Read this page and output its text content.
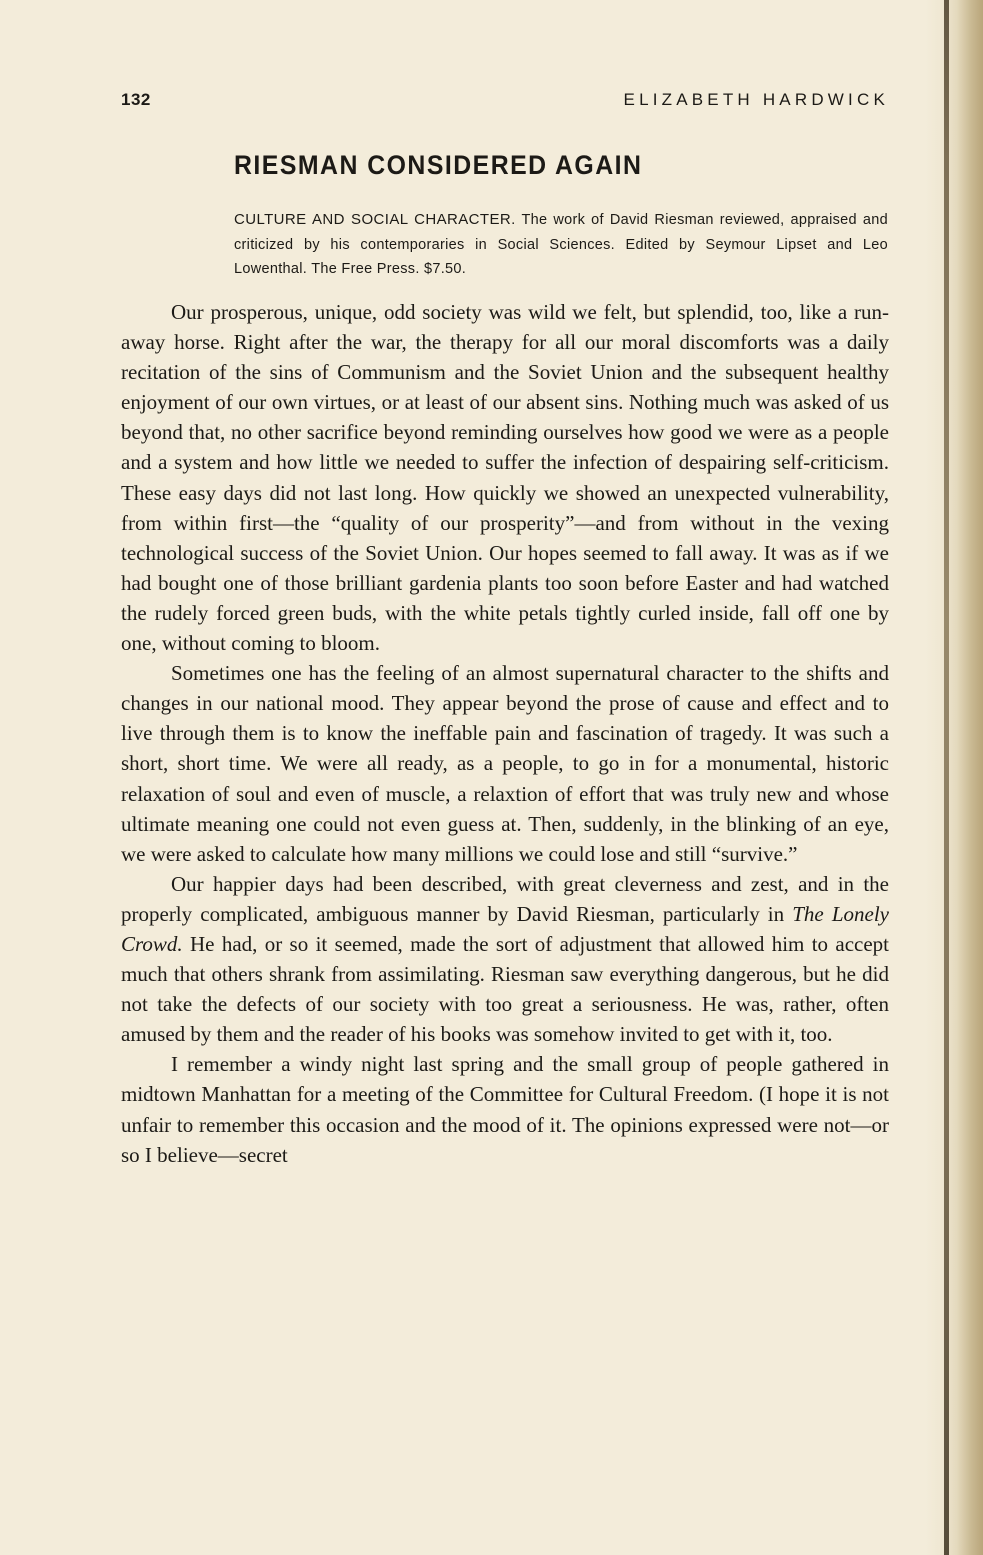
132	ELIZABETH HARDWICK
RIESMAN CONSIDERED AGAIN
CULTURE AND SOCIAL CHARACTER. The work of David Riesman reviewed, appraised and criticized by his contemporaries in Social Sciences. Edited by Seymour Lipset and Leo Lowenthal. The Free Press. $7.50.

Our prosperous, unique, odd society was wild we felt, but splendid, too, like a run-away horse. Right after the war, the therapy for all our moral discomforts was a daily recitation of the sins of Communism and the Soviet Union and the subsequent healthy enjoyment of our own virtues, or at least of our absent sins. Nothing much was asked of us beyond that, no other sacrifice beyond reminding ourselves how good we were as a people and a system and how little we needed to suffer the infection of despairing self-criticism. These easy days did not last long. How quickly we showed an unexpected vulnerability, from within first—the “quality of our prosperity”—and from without in the vexing technological success of the Soviet Union. Our hopes seemed to fall away. It was as if we had bought one of those brilliant gardenia plants too soon before Easter and had watched the rudely forced green buds, with the white petals tightly curled inside, fall off one by one, without coming to bloom.

Sometimes one has the feeling of an almost supernatural character to the shifts and changes in our national mood. They appear beyond the prose of cause and effect and to live through them is to know the ineffable pain and fascination of tragedy. It was such a short, short time. We were all ready, as a people, to go in for a monumental, historic relaxation of soul and even of muscle, a relaxtion of effort that was truly new and whose ultimate meaning one could not even guess at. Then, suddenly, in the blinking of an eye, we were asked to calculate how many millions we could lose and still “survive.”

Our happier days had been described, with great cleverness and zest, and in the properly complicated, ambiguous manner by David Riesman, particularly in The Lonely Crowd. He had, or so it seemed, made the sort of adjustment that allowed him to accept much that others shrank from assimilating. Riesman saw everything dangerous, but he did not take the defects of our society with too great a seriousness. He was, rather, often amused by them and the reader of his books was somehow invited to get with it, too.

I remember a windy night last spring and the small group of people gathered in midtown Manhattan for a meeting of the Committee for Cultural Freedom. (I hope it is not unfair to remember this occasion and the mood of it. The opinions expressed were not—or so I believe—secret
